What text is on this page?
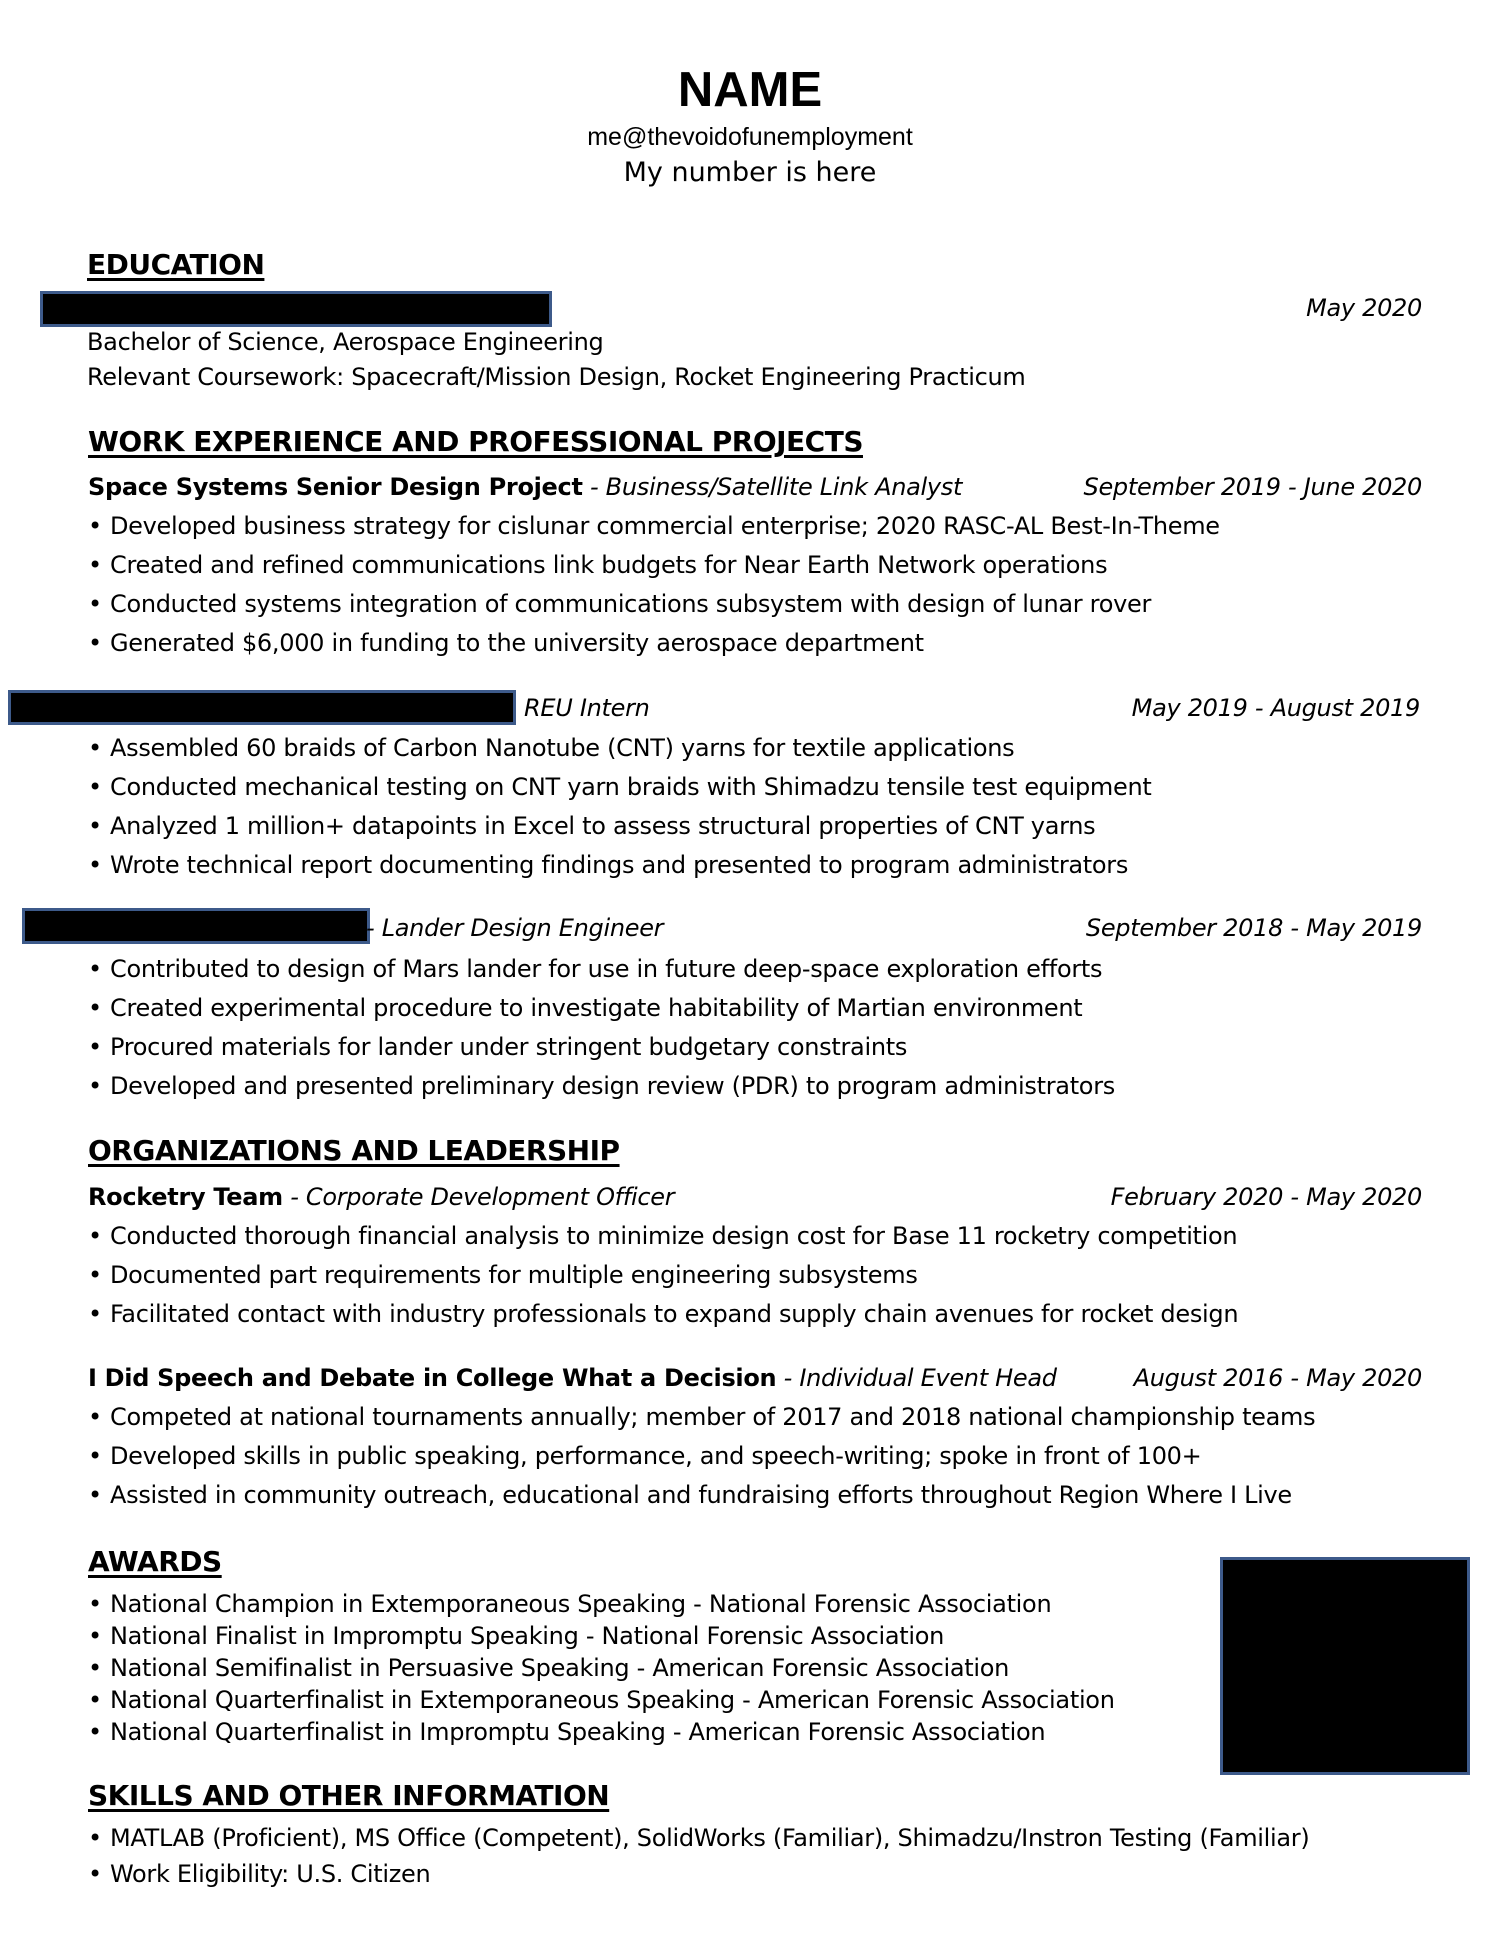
NAME
me@thevoidofunemployment
My number is here
EDUCATION
May 2020
Bachelor of Science, Aerospace Engineering
Relevant Coursework: Spacecraft/Mission Design, Rocket Engineering Practicum
WORK EXPERIENCE AND PROFESSIONAL PROJECTS
Space Systems Senior Design Project - Business/Satellite Link Analyst	September 2019 - June 2020
• Developed business strategy for cislunar commercial enterprise; 2020 RASC-AL Best-In-Theme
• Created and refined communications link budgets for Near Earth Network operations
• Conducted systems integration of communications subsystem with design of lunar rover
• Generated $6,000 in funding to the university aerospace department
REU Intern	May 2019 - August 2019
• Assembled 60 braids of Carbon Nanotube (CNT) yarns for textile applications
• Conducted mechanical testing on CNT yarn braids with Shimadzu tensile test equipment
• Analyzed 1 million+ datapoints in Excel to assess structural properties of CNT yarns
• Wrote technical report documenting findings and presented to program administrators
- Lander Design Engineer	September 2018 - May 2019
• Contributed to design of Mars lander for use in future deep-space exploration efforts
• Created experimental procedure to investigate habitability of Martian environment
• Procured materials for lander under stringent budgetary constraints
• Developed and presented preliminary design review (PDR) to program administrators
ORGANIZATIONS AND LEADERSHIP
Rocketry Team - Corporate Development Officer	February 2020 - May 2020
• Conducted thorough financial analysis to minimize design cost for Base 11 rocketry competition
• Documented part requirements for multiple engineering subsystems
• Facilitated contact with industry professionals to expand supply chain avenues for rocket design
I Did Speech and Debate in College What a Decision - Individual Event Head	August 2016 - May 2020
• Competed at national tournaments annually; member of 2017 and 2018 national championship teams
• Developed skills in public speaking, performance, and speech-writing; spoke in front of 100+
• Assisted in community outreach, educational and fundraising efforts throughout Region Where I Live
AWARDS
• National Champion in Extemporaneous Speaking - National Forensic Association
• National Finalist in Impromptu Speaking - National Forensic Association
• National Semifinalist in Persuasive Speaking - American Forensic Association
• National Quarterfinalist in Extemporaneous Speaking - American Forensic Association
• National Quarterfinalist in Impromptu Speaking - American Forensic Association
SKILLS AND OTHER INFORMATION
• MATLAB (Proficient), MS Office (Competent), SolidWorks (Familiar), Shimadzu/Instron Testing (Familiar)
• Work Eligibility: U.S. Citizen
